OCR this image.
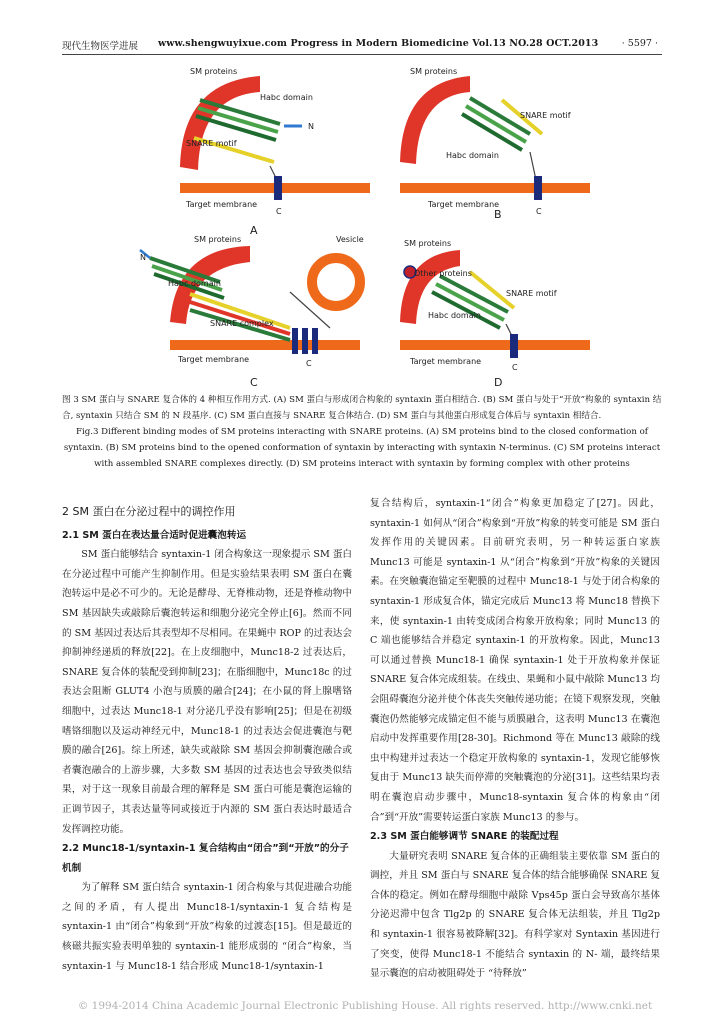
现代生物医学进展 www.shengwuyixue.com Progress in Modern Biomedicine Vol.13 NO.28 OCT.2013 · 5597 ·
SM proteins
Habc domain
N
SNARE motif
Target membrane
C
A
SM proteins
SNARE motif
Habc domain
Target membrane
C
B
SM proteins
N
Vesicle
Habc domain
SNARE complex
Target membrane	C
C
SM proteins
Other proteins
SNARE motif
Habc domain
Target membrane
C
D

图 3 SM 蛋白与 SNARE 复合体的 4 种相互作用方式. (A) SM 蛋白与形成闭合构象的 syntaxin 蛋白相结合. (B) SM 蛋白与处于“开放”构象的 syntaxin 结合, syntaxin 只结合 SM 的 N 段基序. (C) SM 蛋白直接与 SNARE 复合体结合. (D) SM 蛋白与其他蛋白形成复合体后与 syntaxin 相结合.

Fig.3 Different binding modes of SM proteins interacting with SNARE proteins. (A) SM proteins bind to the closed conformation of syntaxin. (B) SM proteins bind to the opened conformation of syntaxin by interacting with syntaxin N-terminus. (C) SM proteins interact with assembled SNARE complexes directly. (D) SM proteins interact with syntaxin by forming complex with other proteins

2 SM 蛋白在分泌过程中的调控作用
2.1 SM 蛋白在表达量合适时促进囊泡转运

SM 蛋白能够结合 syntaxin-1 闭合构象这一现象提示 SM 蛋白在分泌过程中可能产生抑制作用。但是实验结果表明 SM 蛋白在囊泡转运中是必不可少的。无论是酵母、无脊椎动物，还是脊椎动物中 SM 基因缺失或敲除后囊泡转运和细胞分泌完全停止[6]。然而不同的 SM 基因过表达后其表型却不尽相同。在果蝇中 ROP 的过表达会抑制神经递质的释放[22]。在上皮细胞中，Munc18-2 过表达后，SNARE 复合体的装配受到抑制[23]；在脂细胞中，Munc18c 的过表达会阻断 GLUT4 小泡与质膜的融合[24]；在小鼠的肾上腺嗜铬细胞中，过表达 Munc18-1 对分泌几乎没有影响[25]；但是在初级嗜铬细胞以及运动神经元中，Munc18-1 的过表达会促进囊泡与靶膜的融合[26]。综上所述，缺失或敲除 SM 基因会抑制囊泡融合或者囊泡融合的上游步骤，大多数 SM 基因的过表达也会导致类似结果，对于这一现象目前最合理的解释是 SM 蛋白可能是囊泡运输的正调节因子，其表达量等同或接近于内源的 SM 蛋白表达时最适合发挥调控功能。

2.2 Munc18-1/syntaxin-1 复合结构由“闭合”到“开放”的分子机制

为了解释 SM 蛋白结合 syntaxin-1 闭合构象与其促进融合功能之间的矛盾，有人提出 Munc18-1/syntaxin-1 复合结构是 syntaxin-1 由“闭合”构象到“开放”构象的过渡态[15]。但是最近的核磁共振实验表明单独的 syntaxin-1 能形成弱的 “闭合”构象，当 syntaxin-1 与 Munc18-1 结合形成 Munc18-1/syntaxin-1

复合结构后，syntaxin-1“闭合”构象更加稳定了[27]。因此，syntaxin-1 如何从“闭合”构象到“开放”构象的转变可能是 SM 蛋白发挥作用的关键因素。目前研究表明，另一种转运蛋白家族 Munc13 可能是 syntaxin-1 从“闭合”构象到“开放”构象的关键因素。在突触囊泡锚定至靶膜的过程中 Munc18-1 与处于闭合构象的 syntaxin-1 形成复合体，锚定完成后 Munc13 将 Munc18 替换下来，使 syntaxin-1 由转变成闭合构象开放构象；同时 Munc13 的 C 端也能够结合并稳定 syntaxin-1 的开放构象。因此，Munc13 可以通过替换 Munc18-1 确保 syntaxin-1 处于开放构象并保证 SNARE 复合体完成组装。在线虫、果蝇和小鼠中敲除 Munc13 均会阻碍囊泡分泌并使个体丧失突触传递功能；在镜下观察发现，突触囊泡仍然能够完成锚定但不能与质膜融合，这表明 Munc13 在囊泡启动中发挥重要作用[28-30]。Richmond 等在 Munc13 敲除的线虫中构建并过表达一个稳定开放构象的 syntaxin-1，发现它能够恢复由于 Munc13 缺失而停滞的突触囊泡的分泌[31]。这些结果均表明在囊泡启动步骤中，Munc18-syntaxin 复合体的构象由“闭合”到“开放”需要转运蛋白家族 Munc13 的参与。

2.3 SM 蛋白能够调节 SNARE 的装配过程

大量研究表明 SNARE 复合体的正确组装主要依靠 SM 蛋白的调控，并且 SM 蛋白与 SNARE 复合体的结合能够确保 SNARE 复合体的稳定。例如在酵母细胞中敲除 Vps45p 蛋白会导致高尔基体分泌迟滞中包含 Tlg2p 的 SNARE 复合体无法组装，并且 Tlg2p 和 syntaxin-1 很容易被降解[32]。有科学家对 Syntaxin 基因进行了突变，使得 Munc18-1 不能结合 syntaxin 的 N- 端，最终结果显示囊泡的启动被阻碍处于 “待释放”

© 1994-2014 China Academic Journal Electronic Publishing House. All rights reserved. http://www.cnki.net
